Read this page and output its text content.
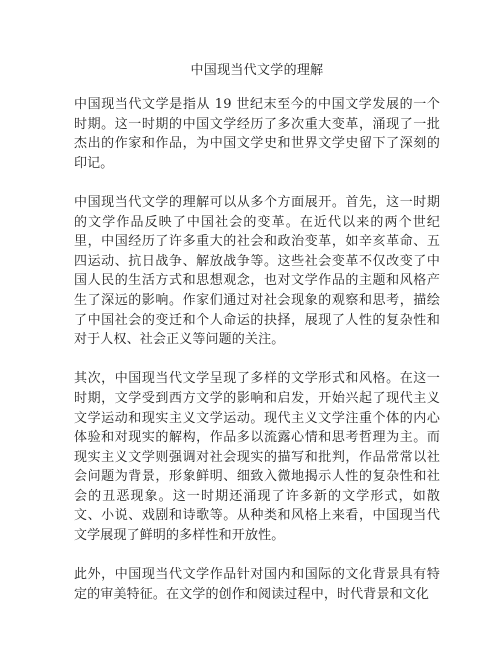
中国现当代文学的理解

中国现当代文学是指从 19 世纪末至今的中国文学发展的一个时期。这一时期的中国文学经历了多次重大变革，涌现了一批杰出的作家和作品，为中国文学史和世界文学史留下了深刻的印记。

中国现当代文学的理解可以从多个方面展开。首先，这一时期的文学作品反映了中国社会的变革。在近代以来的两个世纪里，中国经历了许多重大的社会和政治变革，如辛亥革命、五四运动、抗日战争、解放战争等。这些社会变革不仅改变了中国人民的生活方式和思想观念，也对文学作品的主题和风格产生了深远的影响。作家们通过对社会现象的观察和思考，描绘了中国社会的变迁和个人命运的抉择，展现了人性的复杂性和对于人权、社会正义等问题的关注。

其次，中国现当代文学呈现了多样的文学形式和风格。在这一时期，文学受到西方文学的影响和启发，开始兴起了现代主义文学运动和现实主义文学运动。现代主义文学注重个体的内心体验和对现实的解构，作品多以流露心情和思考哲理为主。而现实主义文学则强调对社会现实的描写和批判，作品常常以社会问题为背景，形象鲜明、细致入微地揭示人性的复杂性和社会的丑恶现象。这一时期还涌现了许多新的文学形式，如散文、小说、戏剧和诗歌等。从种类和风格上来看，中国现当代文学展现了鲜明的多样性和开放性。

此外，中国现当代文学作品针对国内和国际的文化背景具有特定的审美特征。在文学的创作和阅读过程中，时代背景和文化
